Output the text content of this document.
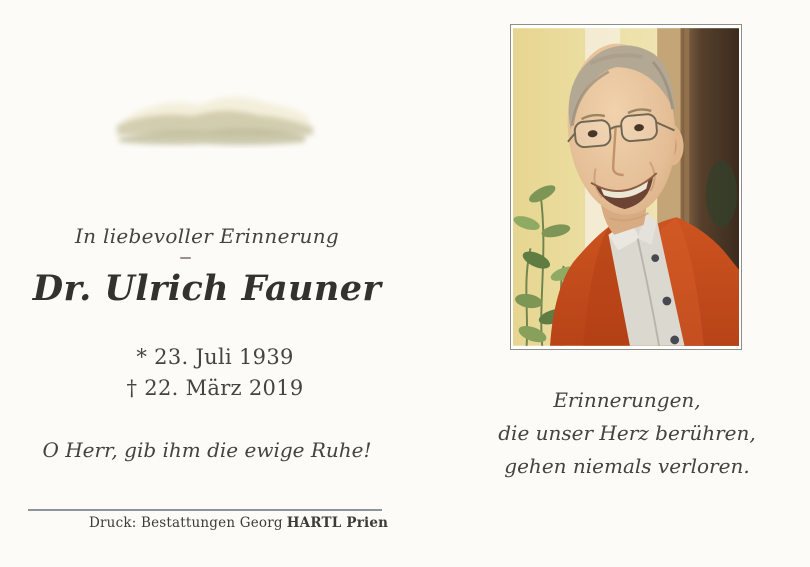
In liebevoller Erinnerung
Dr. Ulrich Fauner
* 23. Juli 1939
† 22. März 2019
O Herr, gib ihm die ewige Ruhe!
Druck: Bestattungen Georg HARTL Prien
Erinnerungen,
die unser Herz berühren,
gehen niemals verloren.
